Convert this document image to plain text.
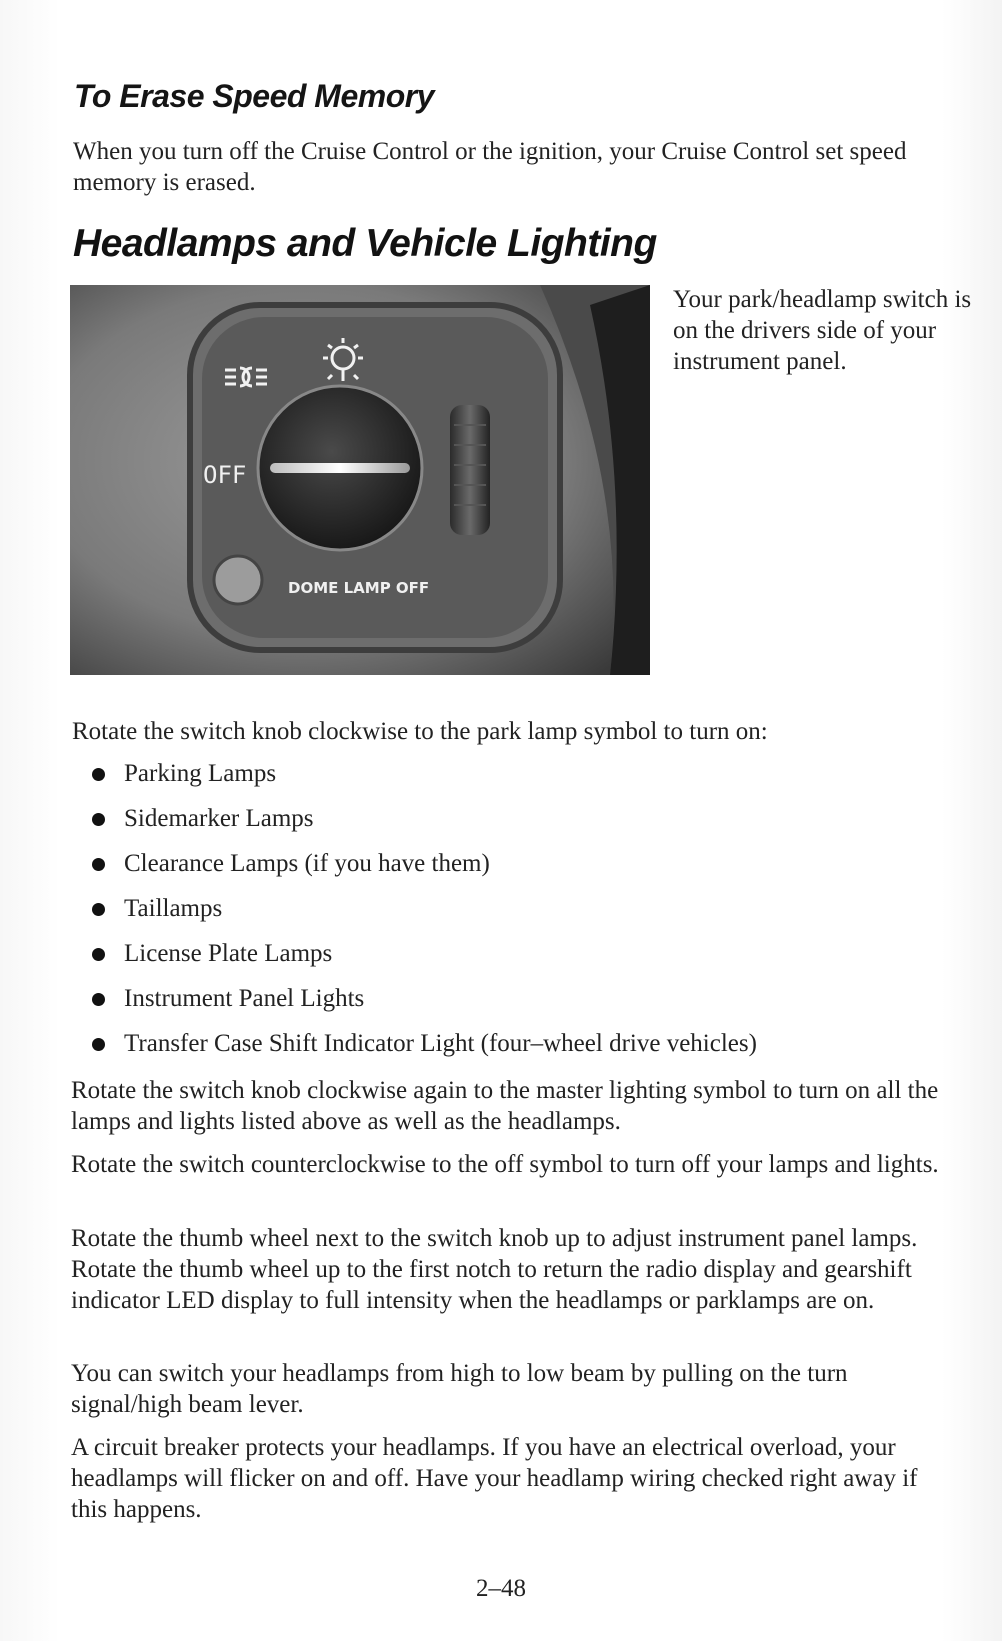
To Erase Speed Memory

When you turn off the Cruise Control or the ignition, your Cruise Control set speed memory is erased.

Headlamps and Vehicle Lighting
OFF
DOME LAMP OFF

Your park/headlamp switch is on the drivers side of your instrument panel.

Rotate the switch knob clockwise to the park lamp symbol to turn on:

Parking Lamps
Sidemarker Lamps
Clearance Lamps (if you have them)
Taillamps
License Plate Lamps
Instrument Panel Lights
Transfer Case Shift Indicator Light (four–wheel drive vehicles)

Rotate the switch knob clockwise again to the master lighting symbol to turn on all the lamps and lights listed above as well as the headlamps.

Rotate the switch counterclockwise to the off symbol to turn off your lamps and lights.

Rotate the thumb wheel next to the switch knob up to adjust instrument panel lamps. Rotate the thumb wheel up to the first notch to return the radio display and gearshift indicator LED display to full intensity when the headlamps or parklamps are on.

You can switch your headlamps from high to low beam by pulling on the turn signal/high beam lever.

A circuit breaker protects your headlamps. If you have an electrical overload, your headlamps will flicker on and off. Have your headlamp wiring checked right away if this happens.

2–48
